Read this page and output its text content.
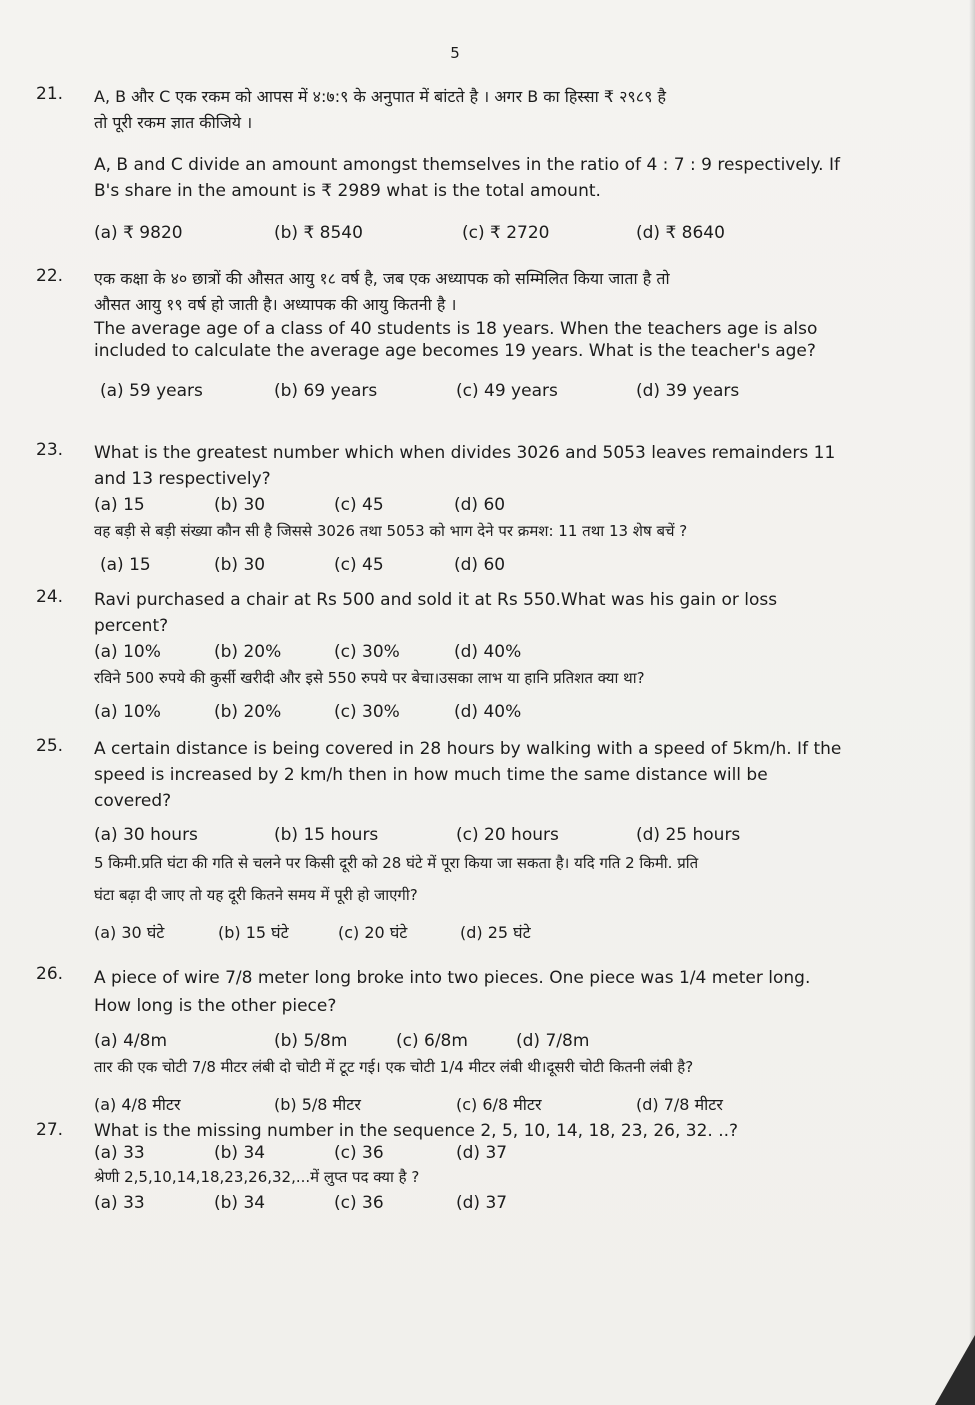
5
21. A, B और C एक रकम को आपस में ४:७:९ के अनुपात में बांटते है । अगर B का हिस्सा ₹ २९८९ है
तो पूरी रकम ज्ञात कीजिये ।
A, B and C divide an amount amongst themselves in the ratio of 4 : 7 : 9 respectively. If
B's share in the amount is ₹ 2989 what is the total amount.
(a) ₹ 9820	(b) ₹ 8540	(c) ₹ 2720	(d) ₹ 8640
22. एक कक्षा के ४० छात्रों की औसत आयु १८ वर्ष है, जब एक अध्यापक को सम्मिलित किया जाता है तो
औसत आयु १९ वर्ष हो जाती है। अध्यापक की आयु कितनी है ।
The average age of a class of 40 students is 18 years. When the teachers age is also
included to calculate the average age becomes 19 years. What is the teacher's age?
(a) 59 years	(b) 69 years	(c) 49 years	(d) 39 years
23. What is the greatest number which when divides 3026 and 5053 leaves remainders 11
and 13 respectively?
(a) 15	(b) 30	(c) 45	(d) 60
वह बड़ी से बड़ी संख्या कौन सी है जिससे 3026 तथा 5053 को भाग देने पर क्रमश: 11 तथा 13 शेष बचें ?
(a) 15	(b) 30	(c) 45	(d) 60
24. Ravi purchased a chair at Rs 500 and sold it at Rs 550.What was his gain or loss
percent?
(a) 10%	(b) 20%	(c) 30%	(d) 40%
रविने 500 रुपये की कुर्सी खरीदी और इसे 550 रुपये पर बेचा।उसका लाभ या हानि प्रतिशत क्या था?
(a) 10%	(b) 20%	(c) 30%	(d) 40%
25. A certain distance is being covered in 28 hours by walking with a speed of 5km/h. If the
speed is increased by 2 km/h then in how much time the same distance will be
covered?
(a) 30 hours	(b) 15 hours	(c) 20 hours	(d) 25 hours
5 किमी.प्रति घंटा की गति से चलने पर किसी दूरी को 28 घंटे में पूरा किया जा सकता है। यदि गति 2 किमी. प्रति
घंटा बढ़ा दी जाए तो यह दूरी कितने समय में पूरी हो जाएगी?
(a) 30 घंटे	(b) 15 घंटे	(c) 20 घंटे	(d) 25 घंटे
26. A piece of wire 7/8 meter long broke into two pieces. One piece was 1/4 meter long.
How long is the other piece?
(a) 4/8m	(b) 5/8m	(c) 6/8m	(d) 7/8m
तार की एक चोटी 7/8 मीटर लंबी दो चोटी में टूट गई। एक चोटी 1/4 मीटर लंबी थी।दूसरी चोटी कितनी लंबी है?
(a) 4/8 मीटर	(b) 5/8 मीटर	(c) 6/8 मीटर	(d) 7/8 मीटर
27. What is the missing number in the sequence 2, 5, 10, 14, 18, 23, 26, 32. ..?
(a) 33	(b) 34	(c) 36	(d) 37
श्रेणी 2,5,10,14,18,23,26,32,...में लुप्त पद क्या है ?
(a) 33	(b) 34	(c) 36	(d) 37
